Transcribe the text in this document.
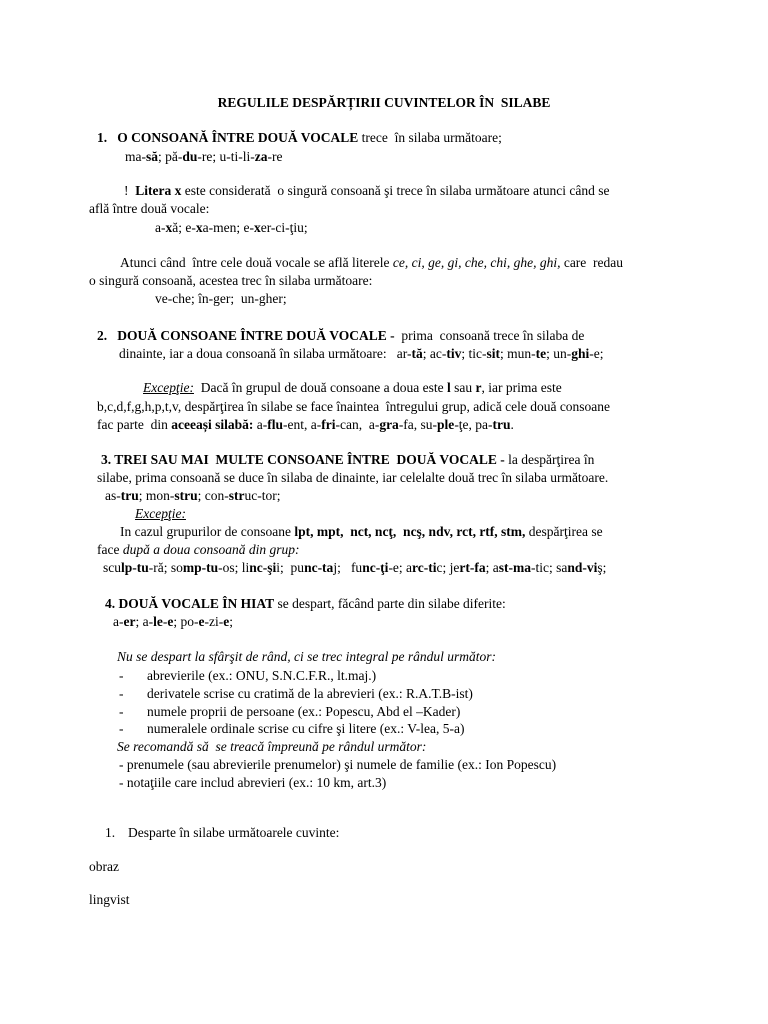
REGULILE DESPĂRȚIRII CUVINTELOR ÎN  SILABE
1.   O CONSOANĂ ÎNTRE DOUĂ VOCALE trece  în silaba următoare;
ma-să; pă-du-re; u-ti-li-za-re
!  Litera x este considerată  o singură consoană şi trece în silaba următoare atunci când se
află între două vocale:
a-xă; e-xa-men; e-xer-ci-ţiu;
Atunci când  între cele două vocale se află literele ce, ci, ge, gi, che, chi, ghe, ghi, care  redau
o singură consoană, acestea trec în silaba următoare:
ve-che; în-ger;  un-gher;
2.   DOUĂ CONSOANE ÎNTRE DOUĂ VOCALE -  prima  consoană trece în silaba de
dinainte, iar a doua consoană în silaba următoare:   ar-tă; ac-tiv; tic-sit; mun-te; un-ghi-e;
Excepţie:  Dacă în grupul de două consoane a doua este l sau r, iar prima este
b,c,d,f,g,h,p,t,v, despărţirea în silabe se face înaintea  întregului grup, adică cele două consoane
fac parte  din aceeași silabă: a-flu-ent, a-fri-can,  a-gra-fa, su-ple-ţe, pa-tru.
3. TREI SAU MAI  MULTE CONSOANE ÎNTRE  DOUĂ VOCALE - la despărţirea în
silabe, prima consoană se duce în silaba de dinainte, iar celelalte două trec în silaba următoare.
as-tru; mon-stru; con-struc-tor;
Excepţie:
In cazul grupurilor de consoane lpt, mpt,  nct, ncţ,  ncş, ndv, rct, rtf, stm, despărţirea se
face după a doua consoană din grup:
sculp-tu-ră; somp-tu-os; linc-şii;  punc-taj;   func-ţi-e; arc-tic; jert-fa; ast-ma-tic; sand-viş;
4. DOUĂ VOCALE ÎN HIAT se despart, făcând parte din silabe diferite:
a-er; a-le-e; po-e-zi-e;
Nu se despart la sfârşit de rând, ci se trec integral pe rândul următor:
- abrevierile (ex.: ONU, S.N.C.F.R., lt.maj.)
- derivatele scrise cu cratimă de la abrevieri (ex.: R.A.T.B-ist)
- numele proprii de persoane (ex.: Popescu, Abd el –Kader)
- numeralele ordinale scrise cu cifre şi litere (ex.: V-lea, 5-a)
Se recomandă să  se treacă împreună pe rândul următor:
- prenumele (sau abrevierile prenumelor) şi numele de familie (ex.: Ion Popescu)
- notaţiile care includ abrevieri (ex.: 10 km, art.3)
1. Desparte în silabe următoarele cuvinte:
obraz
lingvist
